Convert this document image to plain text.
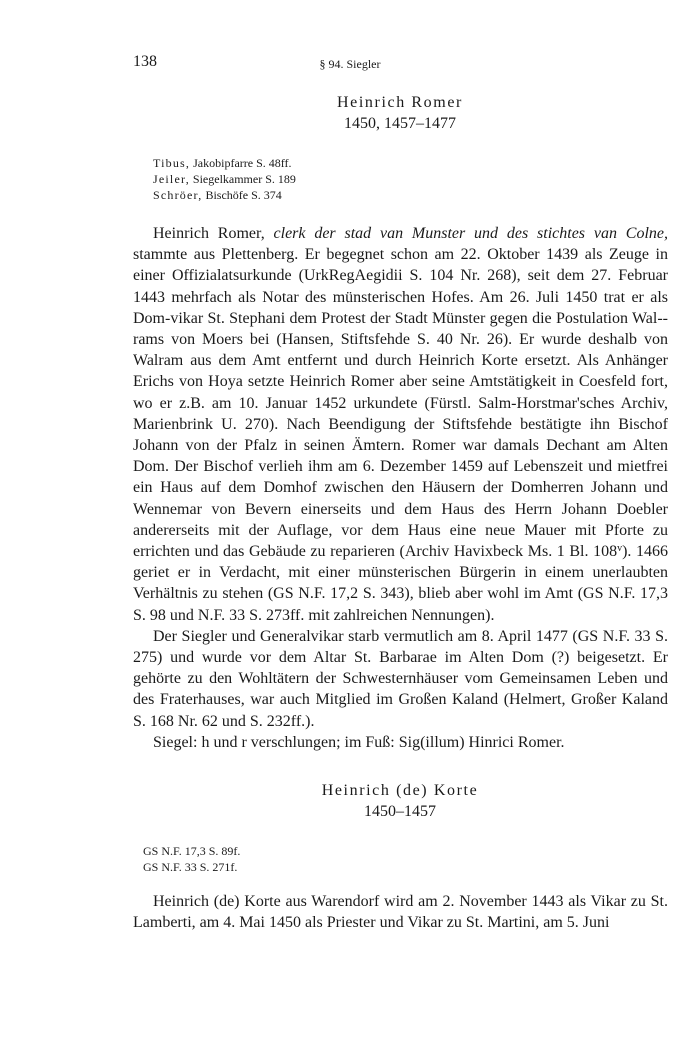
138	§ 94. Siegler
Heinrich Romer
1450, 1457–1477
Tibus, Jakobipfarre S. 48ff.
Jeiler, Siegelkammer S. 189
Schröer, Bischöfe S. 374

Heinrich Romer, clerk der stad van Munster und des stichtes van Colne, stammte aus Plettenberg. Er begegnet schon am 22. Oktober 1439 als Zeuge in einer Offizialatsurkunde (UrkRegAegidii S. 104 Nr. 268), seit dem 27. Februar 1443 mehrfach als Notar des münsterischen Hofes. Am 26. Juli 1450 trat er als Dom-vikar St. Stephani dem Protest der Stadt Münster gegen die Postulation Wal-rams von Moers bei (Hansen, Stiftsfehde S. 40 Nr. 26). Er wurde deshalb von Walram aus dem Amt entfernt und durch Heinrich Korte ersetzt. Als Anhänger Erichs von Hoya setzte Heinrich Romer aber seine Amtstätigkeit in Coesfeld fort, wo er z.B. am 10. Januar 1452 urkundete (Fürstl. Salm-Horstmar'sches Archiv, Marienbrink U. 270). Nach Beendigung der Stiftsfehde bestätigte ihn Bischof Johann von der Pfalz in seinen Ämtern. Romer war damals Dechant am Alten Dom. Der Bischof verlieh ihm am 6. Dezember 1459 auf Lebenszeit und mietfrei ein Haus auf dem Domhof zwischen den Häusern der Domherren Johann und Wennemar von Bevern einerseits und dem Haus des Herrn Johann Doebler andererseits mit der Auflage, vor dem Haus eine neue Mauer mit Pforte zu errichten und das Gebäude zu reparieren (Archiv Havixbeck Ms. 1 Bl. 108$^v$). 1466 geriet er in Verdacht, mit einer münsterischen Bürgerin in einem unerlaubten Verhältnis zu stehen (GS N.F. 17,2 S. 343), blieb aber wohl im Amt (GS N.F. 17,3 S. 98 und N.F. 33 S. 273ff. mit zahlreichen Nennungen).

Der Siegler und Generalvikar starb vermutlich am 8. April 1477 (GS N.F. 33 S. 275) und wurde vor dem Altar St. Barbarae im Alten Dom (?) beigesetzt. Er gehörte zu den Wohltätern der Schwesternhäuser vom Gemeinsamen Leben und des Fraterhauses, war auch Mitglied im Großen Kaland (Helmert, Großer Kaland S. 168 Nr. 62 und S. 232ff.).

Siegel: h und r verschlungen; im Fuß: Sig(illum) Hinrici Romer.

Heinrich (de) Korte
1450–1457
GS N.F. 17,3 S. 89f.
GS N.F. 33 S. 271f.

Heinrich (de) Korte aus Warendorf wird am 2. November 1443 als Vikar zu St. Lamberti, am 4. Mai 1450 als Priester und Vikar zu St. Martini, am 5. Juni
